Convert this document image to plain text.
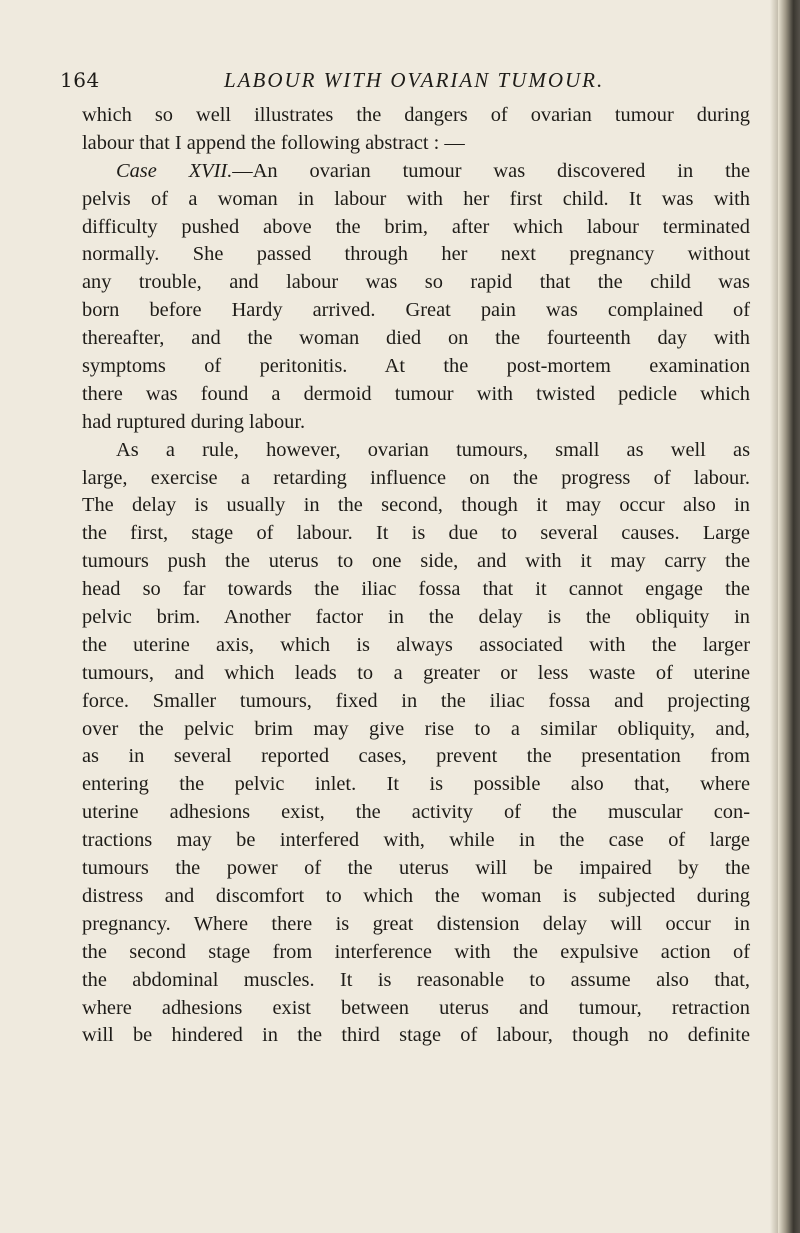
164	LABOUR WITH OVARIAN TUMOUR.
which so well illustrates the dangers of ovarian tumour during
labour that I append the following abstract : —
Case XVII.—An ovarian tumour was discovered in the
pelvis of a woman in labour with her first child. It was with
difficulty pushed above the brim, after which labour terminated
normally. She passed through her next pregnancy without
any trouble, and labour was so rapid that the child was
born before Hardy arrived. Great pain was complained of
thereafter, and the woman died on the fourteenth day with
symptoms of peritonitis. At the post-mortem examination
there was found a dermoid tumour with twisted pedicle which
had ruptured during labour.
As a rule, however, ovarian tumours, small as well as
large, exercise a retarding influence on the progress of labour.
The delay is usually in the second, though it may occur also in
the first, stage of labour. It is due to several causes. Large
tumours push the uterus to one side, and with it may carry the
head so far towards the iliac fossa that it cannot engage the
pelvic brim. Another factor in the delay is the obliquity in
the uterine axis, which is always associated with the larger
tumours, and which leads to a greater or less waste of uterine
force. Smaller tumours, fixed in the iliac fossa and projecting
over the pelvic brim may give rise to a similar obliquity, and,
as in several reported cases, prevent the presentation from
entering the pelvic inlet. It is possible also that, where
uterine adhesions exist, the activity of the muscular con-
tractions may be interfered with, while in the case of large
tumours the power of the uterus will be impaired by the
distress and discomfort to which the woman is subjected during
pregnancy. Where there is great distension delay will occur in
the second stage from interference with the expulsive action of
the abdominal muscles. It is reasonable to assume also that,
where adhesions exist between uterus and tumour, retraction
will be hindered in the third stage of labour, though no definite
